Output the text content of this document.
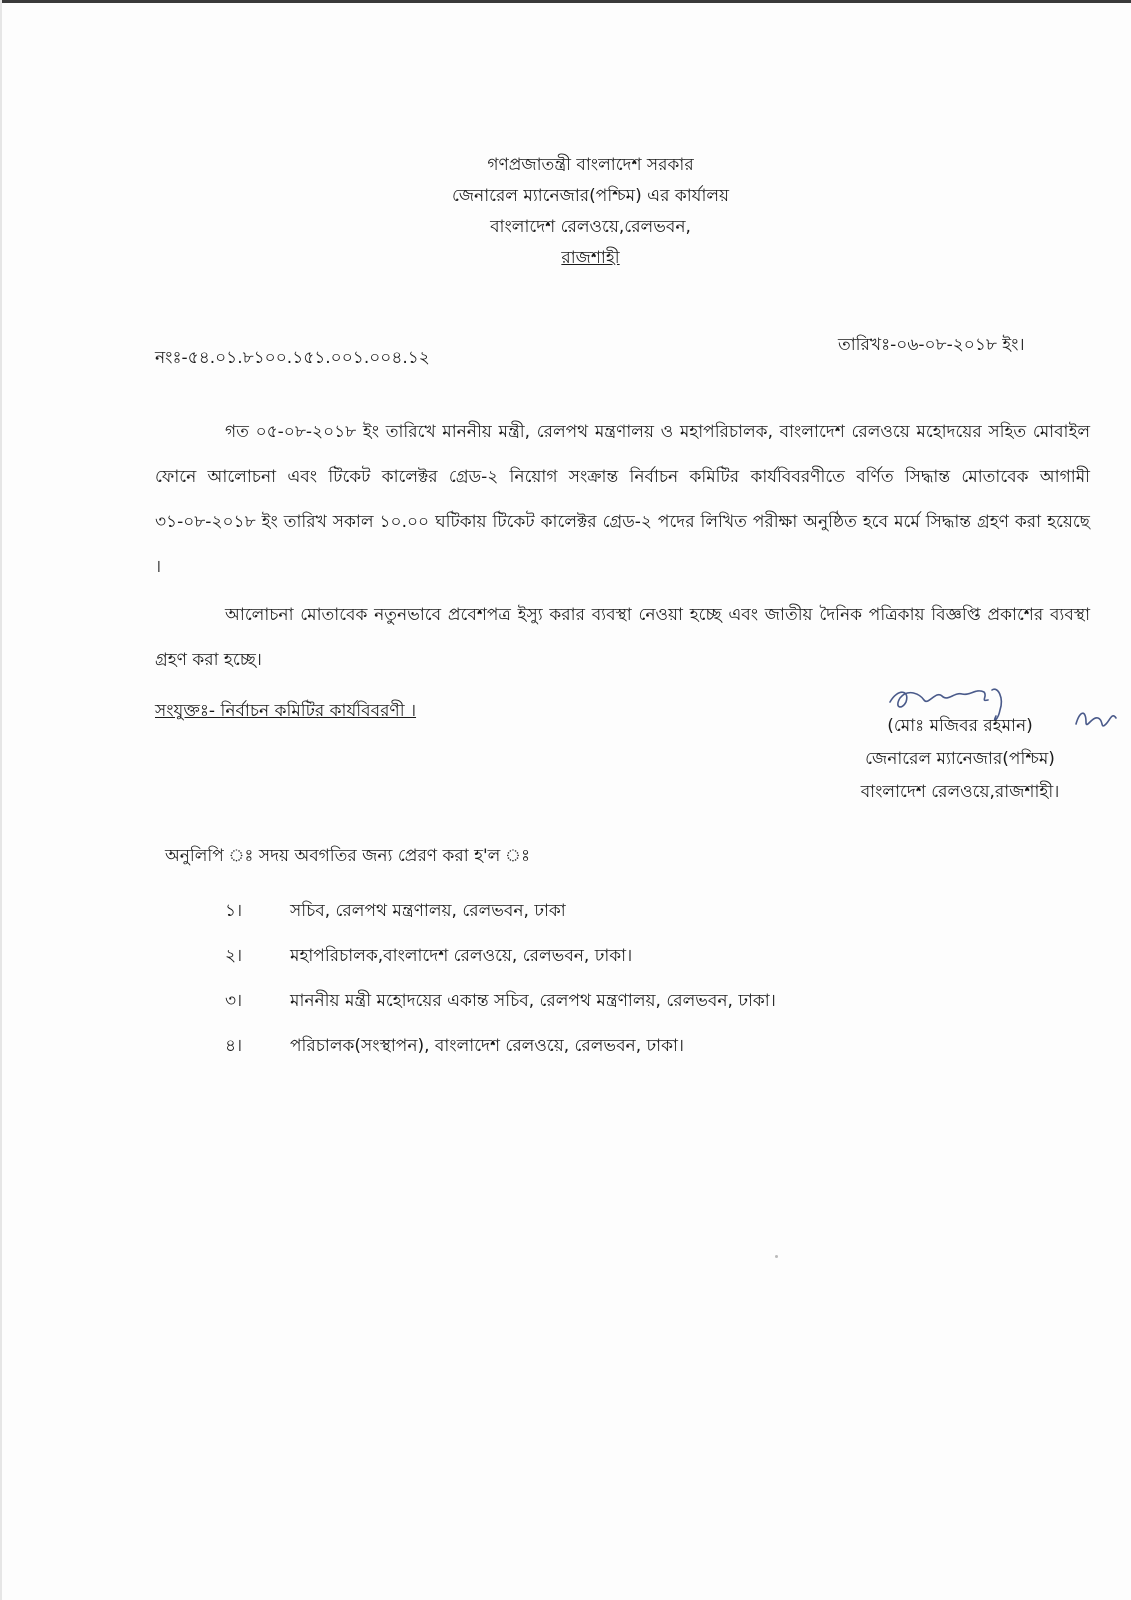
গণপ্রজাতন্ত্রী বাংলাদেশ সরকার
জেনারেল ম্যানেজার(পশ্চিম) এর কার্যালয়
বাংলাদেশ রেলওয়ে,রেলভবন,
রাজশাহী
নংঃ-৫৪.০১.৮১০০.১৫১.০০১.০০৪.১২
তারিখঃ-০৬-০৮-২০১৮ ইং।
গত ০৫-০৮-২০১৮ ইং তারিখে মাননীয় মন্ত্রী, রেলপথ মন্ত্রণালয় ও মহাপরিচালক, বাংলাদেশ রেলওয়ে মহোদয়ের সহিত মোবাইল ফোনে আলোচনা এবং টিকেট কালেক্টর গ্রেড-২ নিয়োগ সংক্রান্ত নির্বাচন কমিটির কার্যবিবরণীতে বর্ণিত সিদ্ধান্ত মোতাবেক আগামী ৩১-০৮-২০১৮ ইং তারিখ সকাল ১০.০০ ঘটিকায় টিকেট কালেক্টর গ্রেড-২ পদের লিখিত পরীক্ষা অনুষ্ঠিত হবে মর্মে সিদ্ধান্ত গ্রহণ করা হয়েছে ।
আলোচনা মোতাবেক নতুনভাবে প্রবেশপত্র ইস্যু করার ব্যবস্থা নেওয়া হচ্ছে এবং জাতীয় দৈনিক পত্রিকায় বিজ্ঞপ্তি প্রকাশের ব্যবস্থা গ্রহণ করা হচ্ছে।
সংযুক্তঃ- নির্বাচন কমিটির কার্যবিবরণী ।
(মোঃ মজিবর রহমান)
জেনারেল ম্যানেজার(পশ্চিম)
বাংলাদেশ রেলওয়ে,রাজশাহী।
অনুলিপি ঃ সদয় অবগতির জন্য প্রেরণ করা হ'ল ঃ
১।	সচিব, রেলপথ মন্ত্রণালয়, রেলভবন, ঢাকা
২।	মহাপরিচালক,বাংলাদেশ রেলওয়ে, রেলভবন, ঢাকা।
৩।	মাননীয় মন্ত্রী মহোদয়ের একান্ত সচিব, রেলপথ মন্ত্রণালয়, রেলভবন, ঢাকা।
৪।	পরিচালক(সংস্থাপন), বাংলাদেশ রেলওয়ে, রেলভবন, ঢাকা।
